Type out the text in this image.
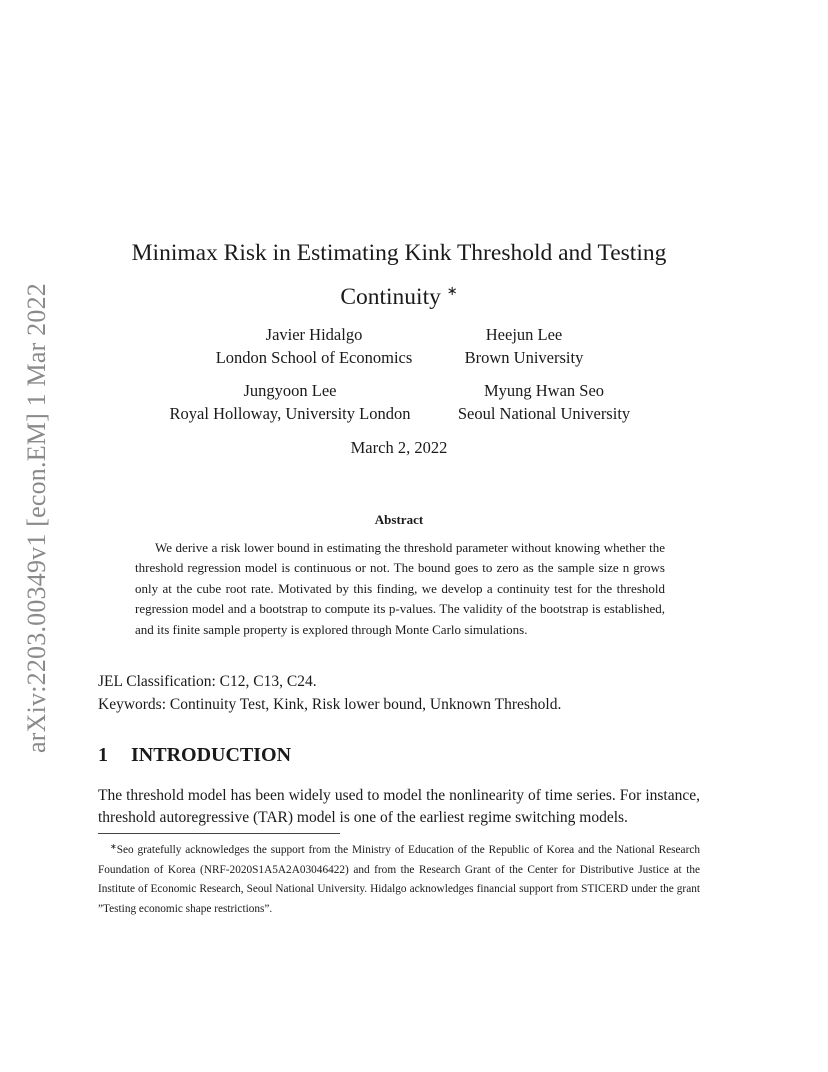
arXiv:2203.00349v1 [econ.EM] 1 Mar 2022
Minimax Risk in Estimating Kink Threshold and Testing
Continuity ∗
Javier Hidalgo
London School of Economics
Heejun Lee
Brown University
Jungyoon Lee
Royal Holloway, University London
Myung Hwan Seo
Seoul National University
March 2, 2022
Abstract
We derive a risk lower bound in estimating the threshold parameter without knowing whether the threshold regression model is continuous or not. The bound goes to zero as the sample size n grows only at the cube root rate. Motivated by this finding, we develop a continuity test for the threshold regression model and a bootstrap to compute its p-values. The validity of the bootstrap is established, and its finite sample property is explored through Monte Carlo simulations.
JEL Classification: C12, C13, C24.
Keywords: Continuity Test, Kink, Risk lower bound, Unknown Threshold.
1 INTRODUCTION
The threshold model has been widely used to model the nonlinearity of time series. For instance, threshold autoregressive (TAR) model is one of the earliest regime switching models.
∗Seo gratefully acknowledges the support from the Ministry of Education of the Republic of Korea and the National Research Foundation of Korea (NRF-2020S1A5A2A03046422) and from the Research Grant of the Center for Distributive Justice at the Institute of Economic Research, Seoul National University. Hidalgo acknowledges financial support from STICERD under the grant ”Testing economic shape restrictions”.
